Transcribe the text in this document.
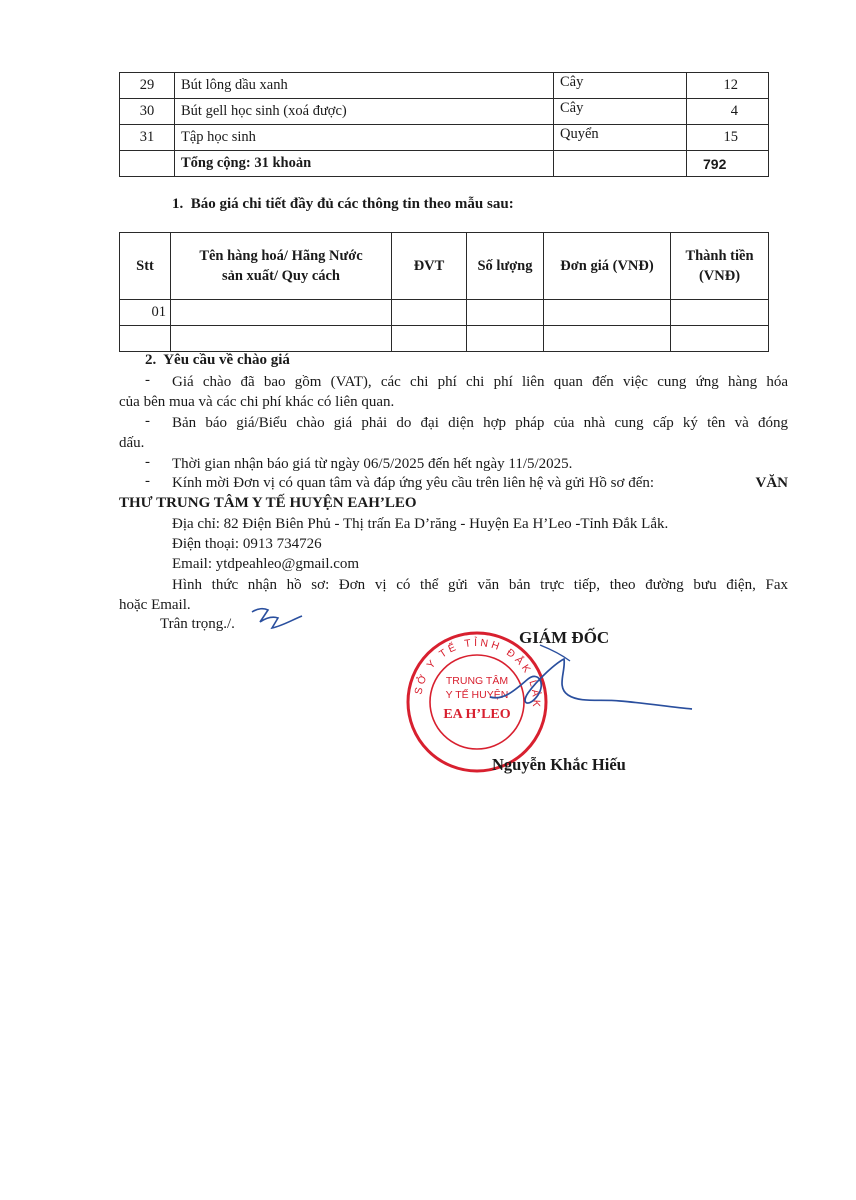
29	Bút lông dầu xanh	Cây	12
30	Bút gell học sinh (xoá được)	Cây	4
31	Tập học sinh	Quyển	15
	Tổng cộng: 31 khoản		792
1. Báo giá chi tiết đầy đủ các thông tin theo mẫu sau:
Stt	Tên hàng hoá/ Hãng Nước
sản xuất/ Quy cách	ĐVT	Số lượng	Đơn giá (VNĐ)	Thành tiền
(VNĐ)
01					

2. Yêu cầu về chào giá
- Giá chào đã bao gồm (VAT), các chi phí chi phí liên quan đến việc cung ứng hàng hóa
của bên mua và các chi phí khác có liên quan.
- Bản báo giá/Biểu chào giá phải do đại diện hợp pháp của nhà cung cấp ký tên và đóng
dấu.
- Thời gian nhận báo giá từ ngày 06/5/2025 đến hết ngày 11/5/2025.
- Kính mời Đơn vị có quan tâm và đáp ứng yêu cầu trên liên hệ và gửi Hồ sơ đến:	VĂN
THƯ TRUNG TÂM Y TẾ HUYỆN EAH’LEO
Địa chỉ: 82 Điện Biên Phủ - Thị trấn Ea D’răng - Huyện Ea H’Leo -Tỉnh Đắk Lắk.
Điện thoại: 0913 734726
Email: ytdpeahleo@gmail.com
Hình thức nhận hồ sơ: Đơn vị có thể gửi văn bản trực tiếp, theo đường bưu điện, Fax
hoặc Email.
Trân trọng./.
GIÁM ĐỐC
SỞ Y TẾ TỈNH ĐẮK LẮK
TRUNG TÂM
Y TẾ HUYỆN
EA H’LEO
Nguyễn Khắc Hiếu
